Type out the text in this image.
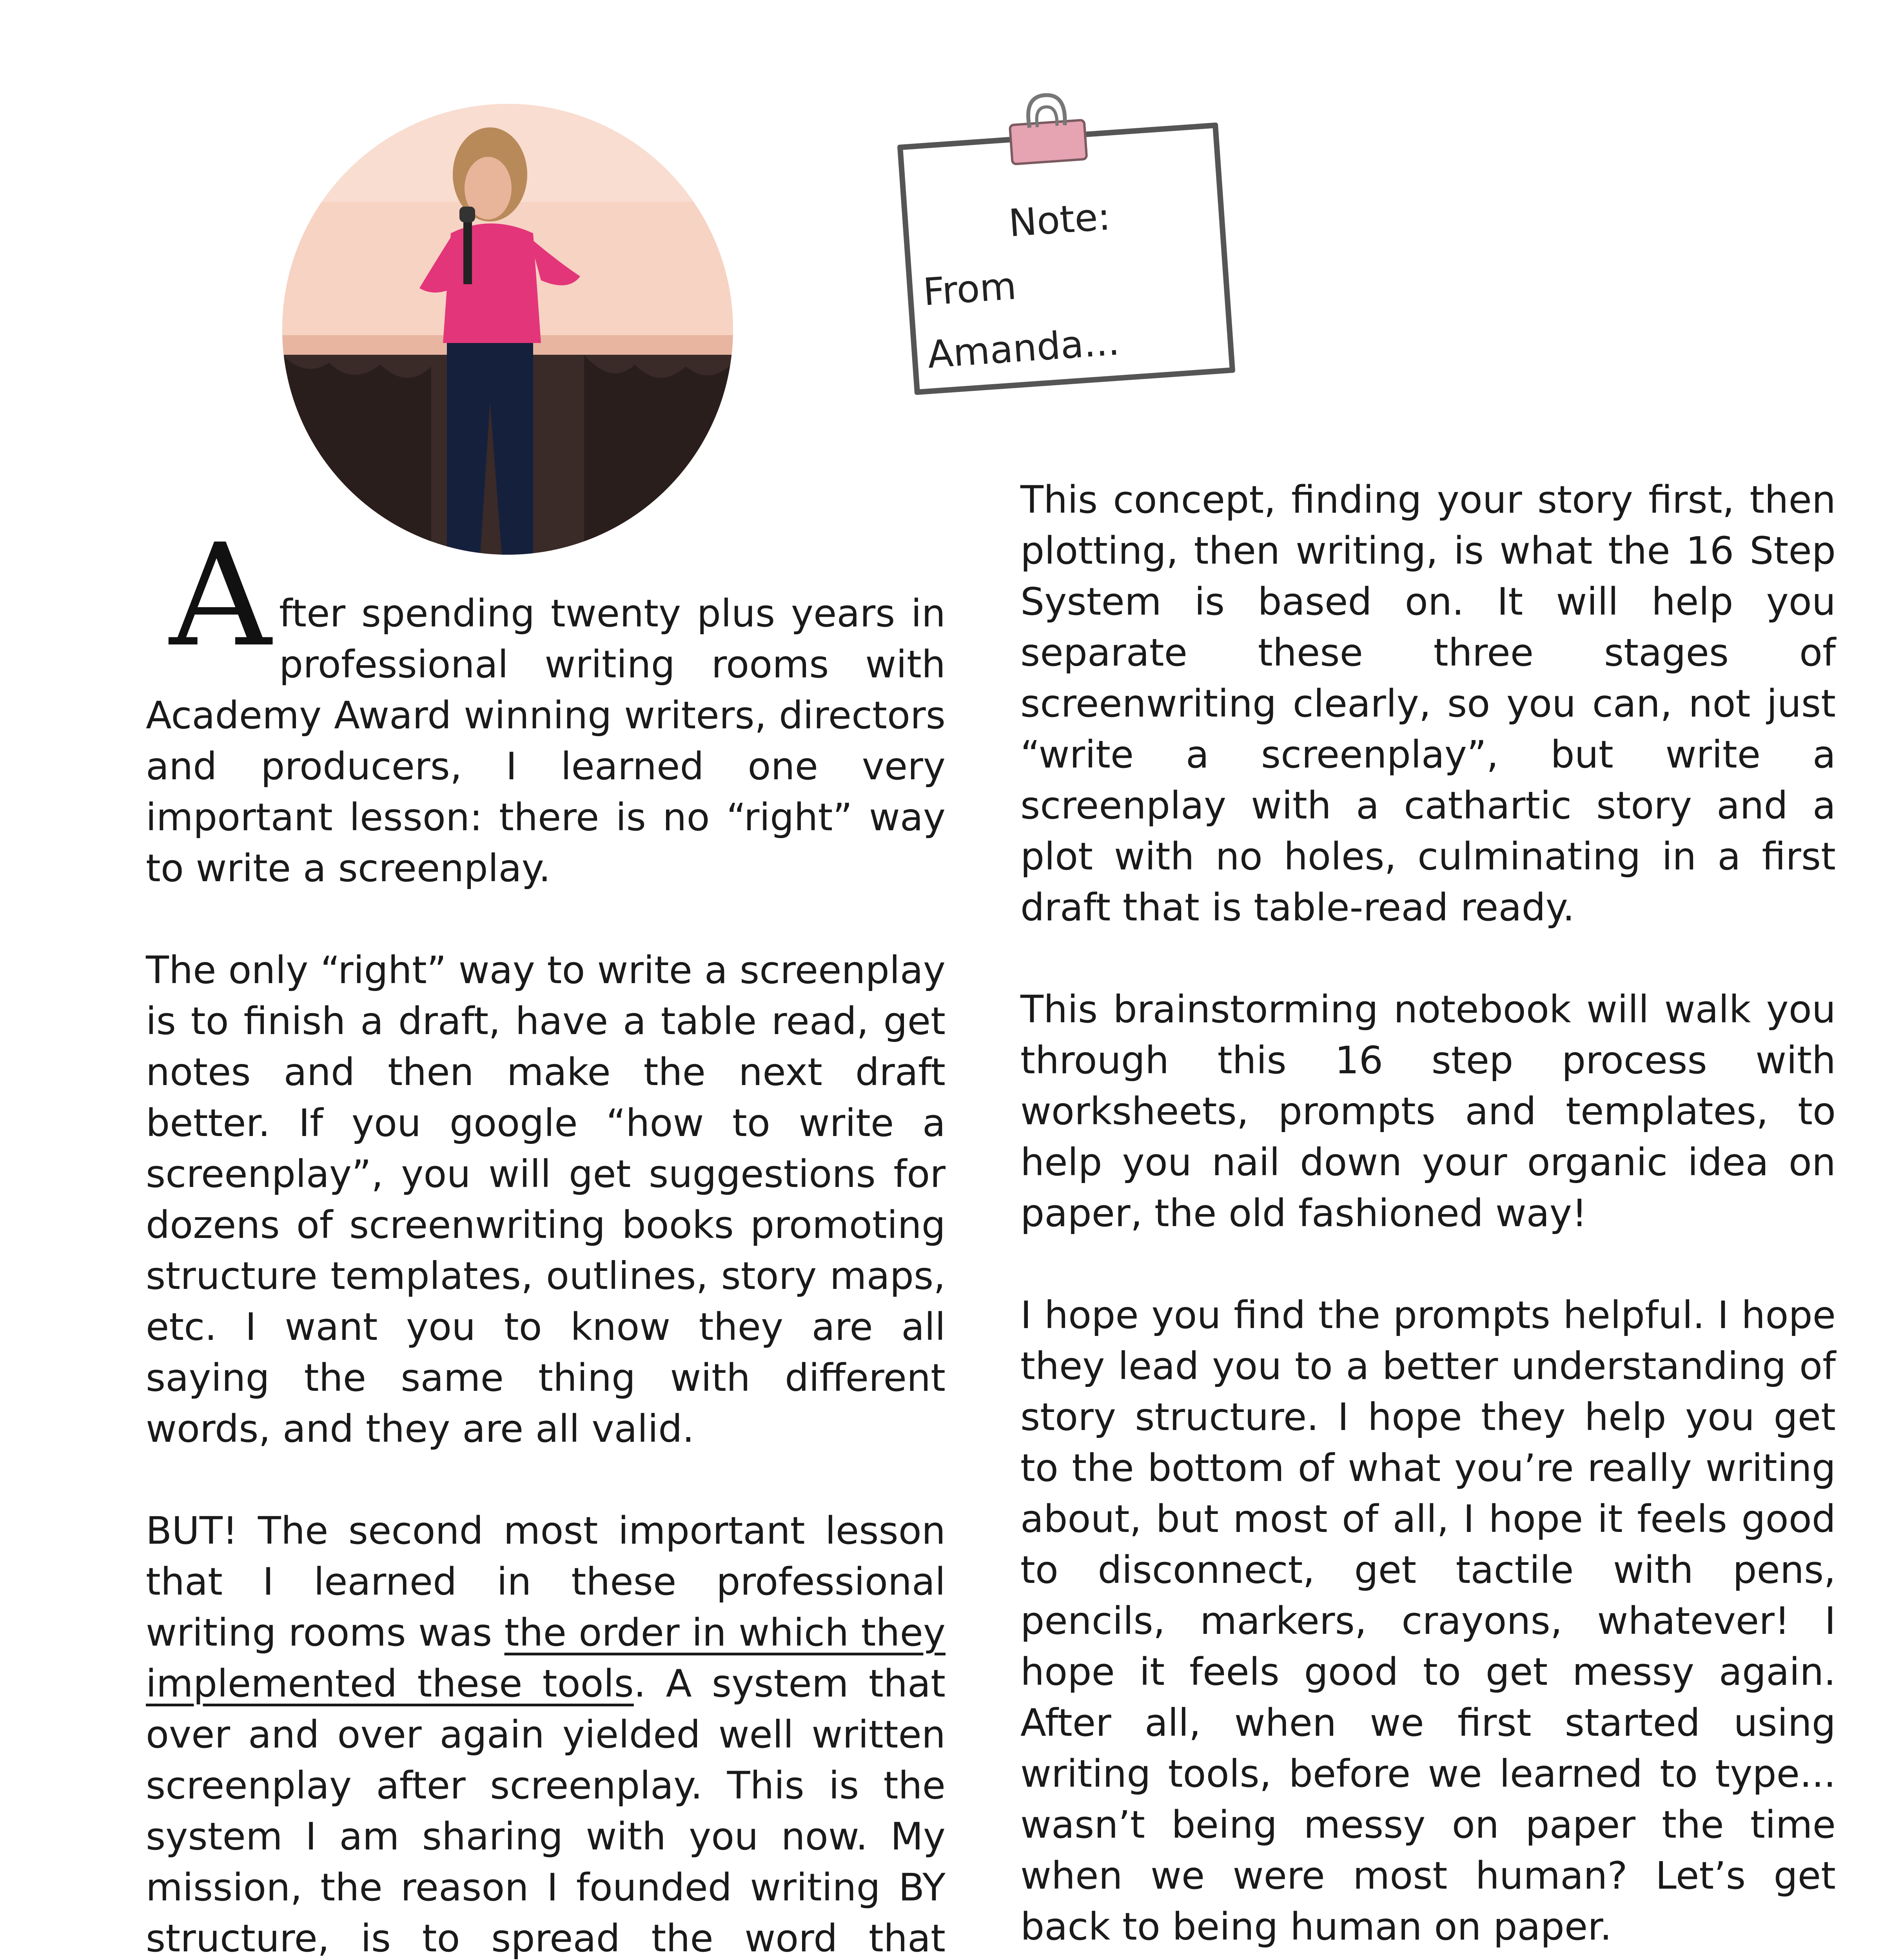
Note:
From Amanda...

After spending twenty plus years in professional writing rooms with Academy Award winning writers, directors and producers, I learned one very important lesson: there is no “right” way to write a screenplay.

The only “right” way to write a screenplay is to finish a draft, have a table read, get notes and then make the next draft better. If you google “how to write a screenplay”, you will get suggestions for dozens of screenwriting books promoting structure templates, outlines, story maps, etc. I want you to know they are all saying the same thing with different words, and they are all valid.

BUT! The second most important lesson that I learned in these professional writing rooms was the order in which they implemented these tools. A system that over and over again yielded well written screenplay after screenplay. This is the system I am sharing with you now. My mission, the reason I founded writing BY structure, is to spread the word that

This concept, finding your story first, then plotting, then writing, is what the 16 Step System is based on. It will help you separate these three stages of screenwriting clearly, so you can, not just “write a screenplay”, but write a screenplay with a cathartic story and a plot with no holes, culminating in a first draft that is table-read ready.

This brainstorming notebook will walk you through this 16 step process with worksheets, prompts and templates, to help you nail down your organic idea on paper, the old fashioned way!

I hope you find the prompts helpful. I hope they lead you to a better understanding of story structure. I hope they help you get to the bottom of what you’re really writing about, but most of all, I hope it feels good to disconnect, get tactile with pens, pencils, markers, crayons, whatever! I hope it feels good to get messy again. After all, when we first started using writing tools, before we learned to type... wasn’t being messy on paper the time when we were most human? Let’s get back to being human on paper.
